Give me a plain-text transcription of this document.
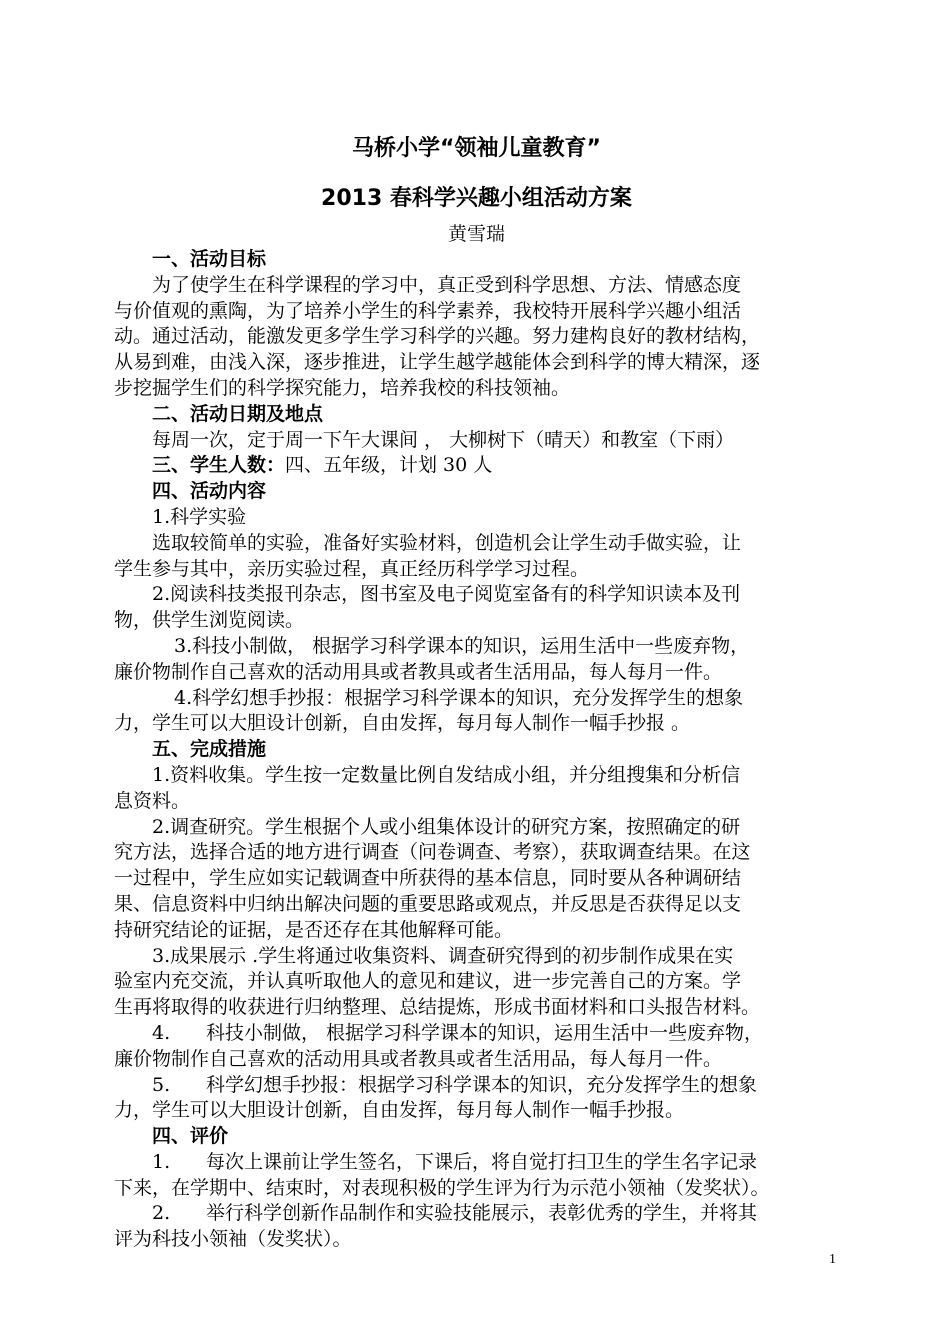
马桥小学“领袖儿童教育”
2013 春科学兴趣小组活动方案
黄雪瑞
一、活动目标
为了使学生在科学课程的学习中，真正受到科学思想、方法、情感态度
与价值观的熏陶，为了培养小学生的科学素养，我校特开展科学兴趣小组活
动。通过活动，能激发更多学生学习科学的兴趣。努力建构良好的教材结构，
从易到难，由浅入深，逐步推进，让学生越学越能体会到科学的博大精深，逐
步挖掘学生们的科学探究能力，培养我校的科技领袖。
二、活动日期及地点
每周一次，定于周一下午大课间 ， 大柳树下（晴天）和教室（下雨）
三、学生人数：四、五年级，计划 30 人
四、活动内容
1.科学实验
选取较简单的实验，准备好实验材料，创造机会让学生动手做实验，让
学生参与其中，亲历实验过程，真正经历科学学习过程。
2.阅读科技类报刊杂志，图书室及电子阅览室备有的科学知识读本及刊
物，供学生浏览阅读。
3.科技小制做， 根据学习科学课本的知识，运用生活中一些废弃物，
廉价物制作自己喜欢的活动用具或者教具或者生活用品，每人每月一件。
4.科学幻想手抄报：根据学习科学课本的知识，充分发挥学生的想象
力，学生可以大胆设计创新，自由发挥，每月每人制作一幅手抄报 。
五、完成措施
1.资料收集。学生按一定数量比例自发结成小组，并分组搜集和分析信
息资料。
2.调查研究。学生根据个人或小组集体设计的研究方案，按照确定的研
究方法，选择合适的地方进行调查（问卷调查、考察），获取调查结果。在这
一过程中，学生应如实记载调查中所获得的基本信息，同时要从各种调研结
果、信息资料中归纳出解决问题的重要思路或观点，并反思是否获得足以支
持研究结论的证据，是否还存在其他解释可能。
3.成果展示 .学生将通过收集资料、调查研究得到的初步制作成果在实
验室内充交流，并认真听取他人的意见和建议，进一步完善自己的方案。学
生再将取得的收获进行归纳整理、总结提炼，形成书面材料和口头报告材料。
4. 科技小制做， 根据学习科学课本的知识，运用生活中一些废弃物，
廉价物制作自己喜欢的活动用具或者教具或者生活用品，每人每月一件。
5. 科学幻想手抄报：根据学习科学课本的知识，充分发挥学生的想象
力，学生可以大胆设计创新，自由发挥，每月每人制作一幅手抄报。
四、评价
1. 每次上课前让学生签名，下课后，将自觉打扫卫生的学生名字记录
下来，在学期中、结束时，对表现积极的学生评为行为示范小领袖（发奖状）。
2. 举行科学创新作品制作和实验技能展示，表彰优秀的学生，并将其
评为科技小领袖（发奖状）。
1
